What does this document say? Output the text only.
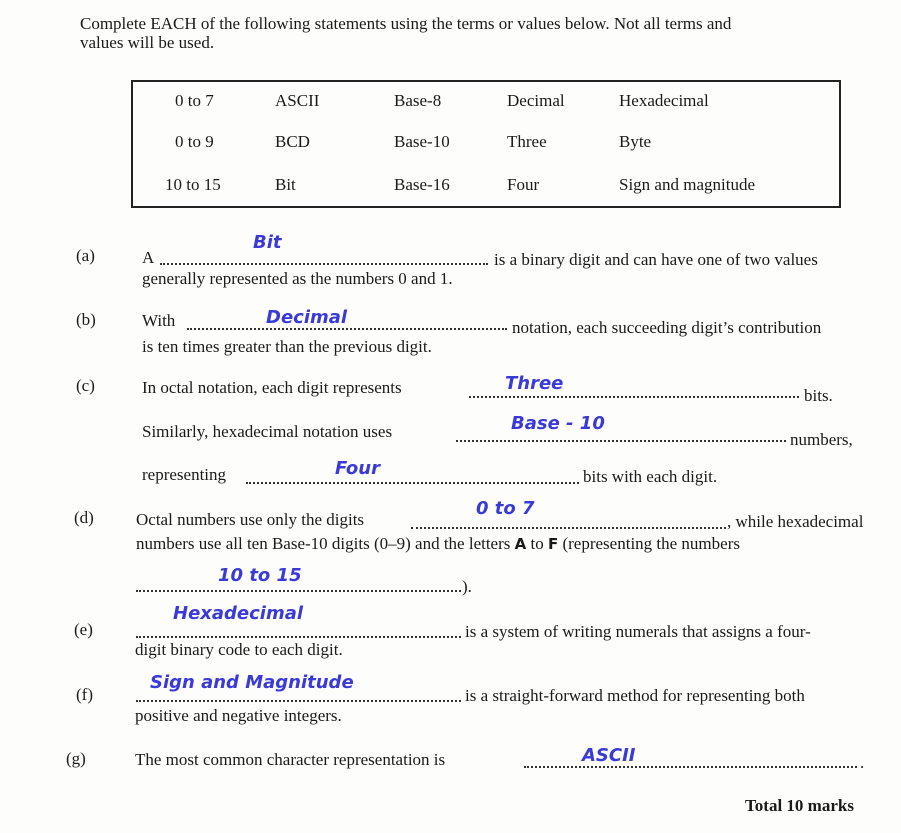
Complete EACH of the following statements using the terms or values below. Not all terms and
values will be used.
0 to 7	ASCII	Base-8	Decimal	Hexadecimal
0 to 9	BCD	Base-10	Three	Byte
10 to 15	Bit	Base-16	Four	Sign and magnitude
(a)	A
Bit
is a binary digit and can have one of two values
generally represented as the numbers 0 and 1.
(b)	With	Decimal	notation, each succeeding digit’s contribution
is ten times greater than the previous digit.
(c)	In octal notation, each digit represents	Three
bits.
Similarly, hexadecimal notation uses	Base - 10
numbers,
representing	Four	bits with each digit.
(d) Octal numbers use only the digits
0 to 7
, while hexadecimal
numbers use all ten Base-10 digits (0–9) and the letters A to F (representing the numbers
10 to 15
).
(e)
Hexadecimal
is a system of writing numerals that assigns a four-
digit binary code to each digit.
(f)
Sign and Magnitude
is a straight-forward method for representing both
positive and negative integers.
(g)	The most common character representation is	ASCII	.
Total 10 marks
